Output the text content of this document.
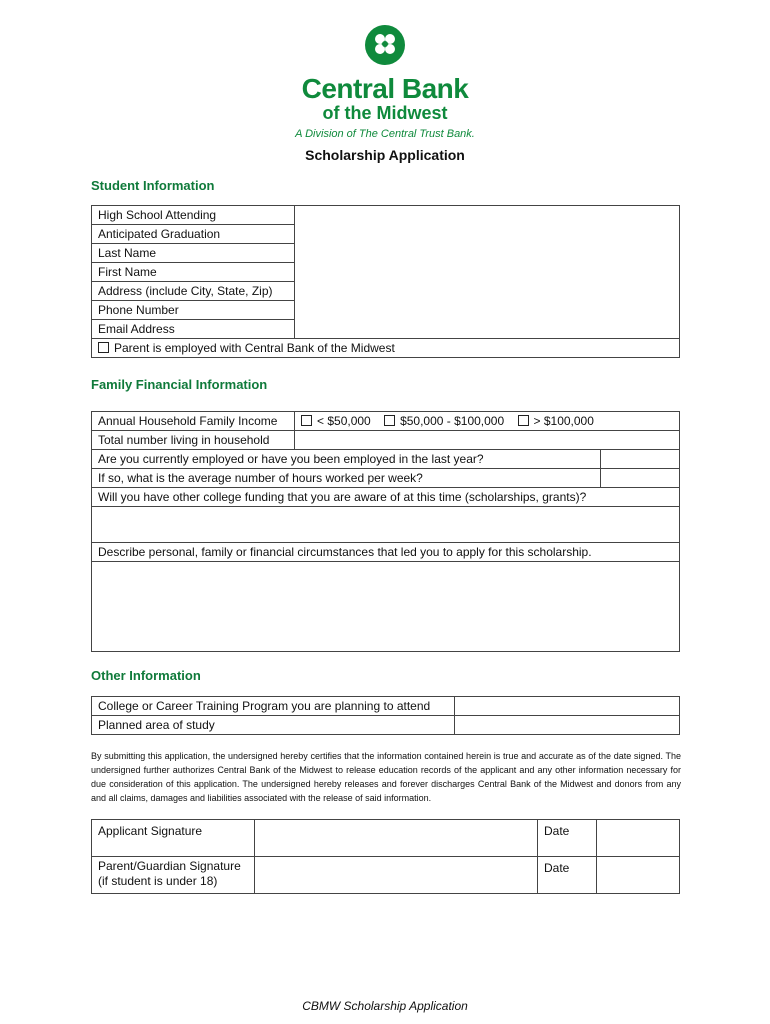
Central Bank
of the Midwest
A Division of The Central Trust Bank.
Scholarship Application
Student Information
High School Attending	
Anticipated Graduation
Last Name
First Name
Address (include City, State, Zip)
Phone Number
Email Address
Parent is employed with Central Bank of the Midwest
Family Financial Information
Annual Household Family Income	< $50,000 $50,000 - $100,000 > $100,000	
Total number living in household		
Are you currently employed or have you been employed in the last year?		
If so, what is the average number of hours worked per week?		
Will you have other college funding that you are aware of at this time (scholarships, grants)?		

Describe personal, family or financial circumstances that led you to apply for this scholarship.		

Other Information
College or Career Training Program you are planning to attend	
Planned area of study	
By submitting this application, the undersigned hereby certifies that the information contained herein is true and accurate as of the date signed. The undersigned further authorizes Central Bank of the Midwest to release education records of the applicant and any other information necessary for due consideration of this application. The undersigned hereby releases and forever discharges Central Bank of the Midwest and donors from any and all claims, damages and liabilities associated with the release of said information.
Applicant Signature		Date	
Parent/Guardian Signature
(if student is under 18)		Date	
CBMW Scholarship Application
